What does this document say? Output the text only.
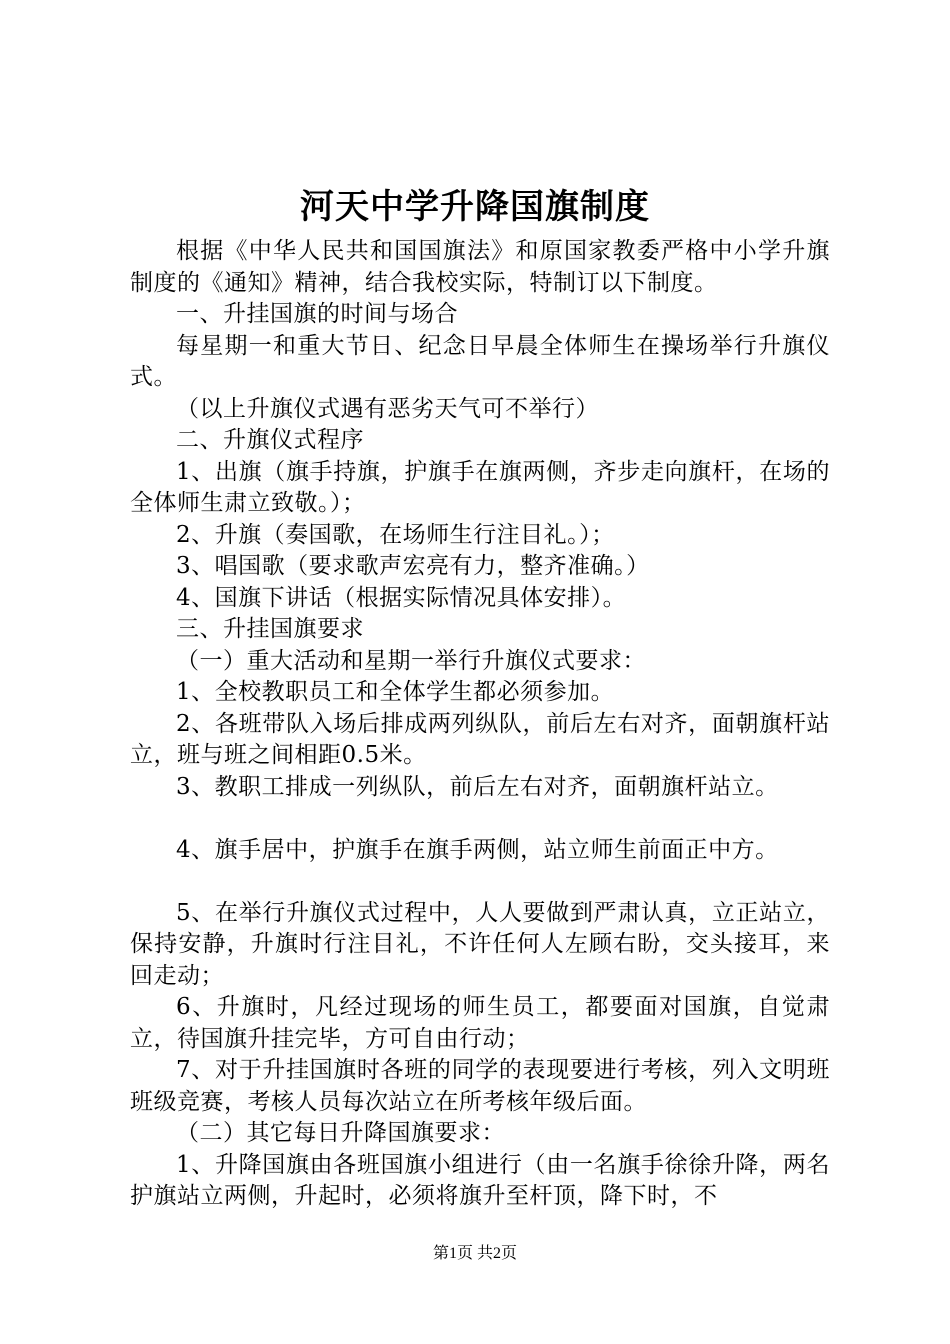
河天中学升降国旗制度

根据《中华人民共和国国旗法》和原国家教委严格中小学升旗制度的《通知》精神，结合我校实际，特制订以下制度。

一、升挂国旗的时间与场合

每星期一和重大节日、纪念日早晨全体师生在操场举行升旗仪式。

（以上升旗仪式遇有恶劣天气可不举行）

二、升旗仪式程序

1、出旗（旗手持旗，护旗手在旗两侧，齐步走向旗杆，在场的全体师生肃立致敬。）；

2、升旗（奏国歌，在场师生行注目礼。）；

3、唱国歌（要求歌声宏亮有力，整齐准确。）

4、国旗下讲话（根据实际情况具体安排）。

三、升挂国旗要求

（一）重大活动和星期一举行升旗仪式要求：

1、全校教职员工和全体学生都必须参加。

2、各班带队入场后排成两列纵队，前后左右对齐，面朝旗杆站立，班与班之间相距0.5米。

3、教职工排成一列纵队，前后左右对齐，面朝旗杆站立。

4、旗手居中，护旗手在旗手两侧，站立师生前面正中方。

5、在举行升旗仪式过程中，人人要做到严肃认真，立正站立，保持安静，升旗时行注目礼，不许任何人左顾右盼，交头接耳，来回走动；

6、升旗时，凡经过现场的师生员工，都要面对国旗，自觉肃立，待国旗升挂完毕，方可自由行动；

7、对于升挂国旗时各班的同学的表现要进行考核，列入文明班班级竞赛，考核人员每次站立在所考核年级后面。

（二）其它每日升降国旗要求：

1、升降国旗由各班国旗小组进行（由一名旗手徐徐升降，两名护旗站立两侧，升起时，必须将旗升至杆顶，降下时，不

第1页 共2页
